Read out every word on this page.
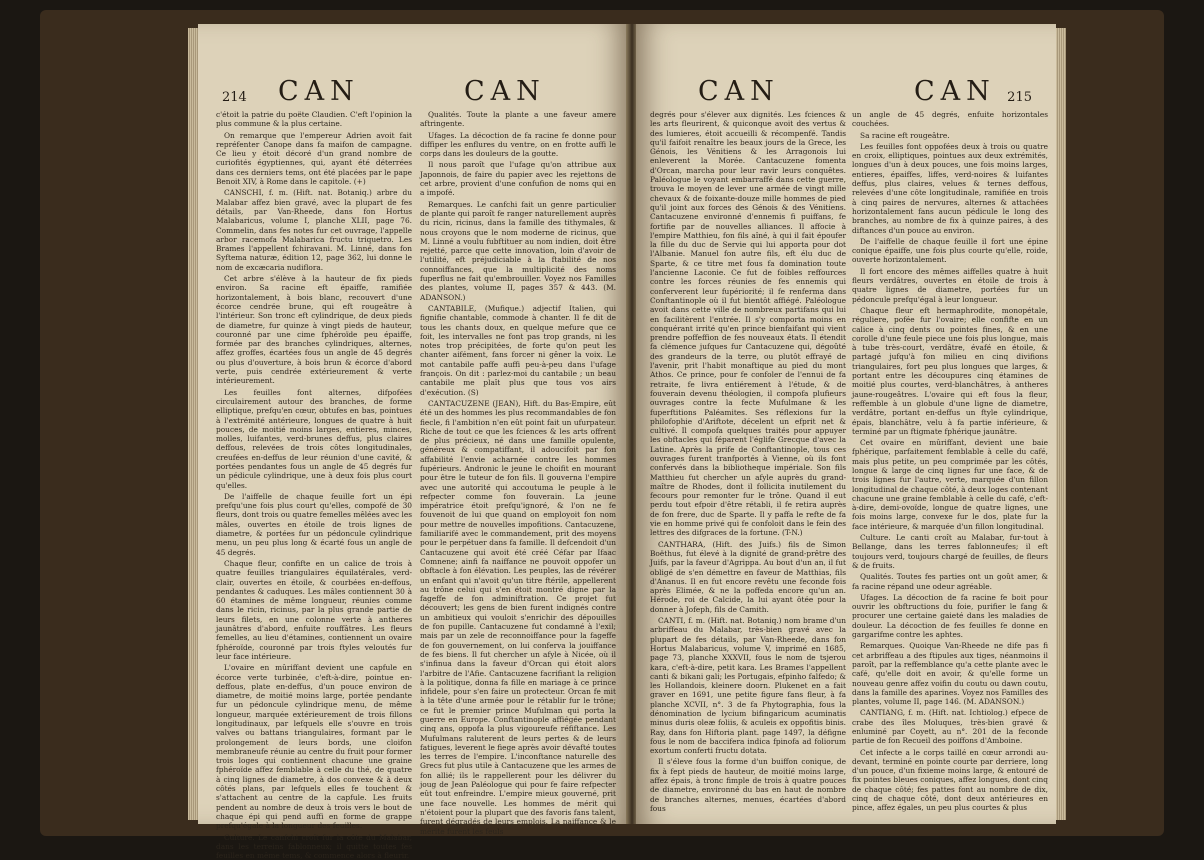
214 CAN	CAN

c'étoit la patrie du poëte Claudien. C'eft l'opinion la plus commune & la plus certaine.

On remarque que l'empereur Adrien avoit fait repréfenter Canope dans fa maifon de campagne. Ce lieu y étoit décoré d'un grand nombre de curiofités égyptiennes, qui, ayant été déterrées dans ces derniers tems, ont été placées par le pape Benoit XIV, à Rome dans le capitole. (+)

CANSCHI, f. m. (Hift. nat. Botaniq.) arbre du Malabar affez bien gravé, avec la plupart de fes détails, par Van-Rheede, dans fon Hortus Malabaricus, volume I, planche XLII, page 76. Commelin, dans fes notes fur cet ouvrage, l'appelle arbor racemofa Malabarica fructu triquetro. Les Brames l'appellent fchiravani. M. Linné, dans fon Syftema naturæ, édition 12, page 362, lui donne le nom de excæcaria nudiflora.

Cet arbre s'élève à la hauteur de fix pieds environ. Sa racine eft épaiffe, ramifiée horizontalement, à bois blanc, recouvert d'une écorce cendrée brune, qui eft rougeâtre à l'intérieur. Son tronc eft cylindrique, de deux pieds de diametre, fur quinze à vingt pieds de hauteur, couronné par une cime fphéroïde peu épaiffe, formée par des branches cylindriques, alternes, affez groffes, écartées fous un angle de 45 degrés ou plus d'ouverture, à bois brun & écorce d'abord verte, puis cendrée extérieurement & verte intérieurement.

Les feuilles font alternes, difpofées circulairement autour des branches, de forme elliptique, prefqu'en cœur, obtufes en bas, pointues à l'extrémité antérieure, longues de quatre à huit pouces, de moitié moins larges, entieres, minces, molles, luifantes, verd-brunes deffus, plus claires deffous, relevées de trois côtes longitudinales, creufées en-deffus de leur réunion d'une cavité, & portées pendantes fous un angle de 45 degrés fur un pédicule cylindrique, une à deux fois plus court qu'elles.

De l'aiffelle de chaque feuille fort un épi prefqu'une fois plus court qu'elles, compofé de 30 fleurs, dont trois ou quatre femelles mêlées avec les mâles, ouvertes en étoile de trois lignes de diametre, & portées fur un pédoncule cylindrique menu, un peu plus long & écarté fous un angle de 45 degrés.

Chaque fleur, confifte en un calice de trois à quatre feuilles triangulaires équilatérales, verd-clair, ouvertes en étoile, & courbées en-deffous, pendantes & caduques. Les mâles contiennent 30 à 60 étamines de même longueur, réunies comme dans le ricin, ricinus, par la plus grande partie de leurs filets, en une colonne verte à antheres jaunâtres d'abord, enfuite rouffâtres. Les fleurs femelles, au lieu d'étamines, contiennent un ovaire fphéroïde, couronné par trois ftyles veloutés fur leur face intérieure.

L'ovaire en mûriffant devient une capfule en écorce verte turbinée, c'eft-à-dire, pointue en-deffous, plate en-deffus, d'un pouce environ de diametre, de moitié moins large, portée pendante fur un pédoncule cylindrique menu, de même longueur, marquée extérieurement de trois fillons longitudinaux, par lefquels elle s'ouvre en trois valves ou battans triangulaires, formant par le prolongement de leurs bords, une cloifon membraneufe réunie au centre du fruit pour former trois loges qui contiennent chacune une graine fphéroïde affez femblable à celle du thé, de quatre à cinq lignes de diametre, à dos convexe & à deux côtés plans, par lefquels elles fe touchent & s'attachent au centre de la capfule. Les fruits pendent au nombre de deux à trois vers le bout de chaque épi qui pend auffi en forme de grappe prefqu'égale à la longueur des feuilles.

Culture. Le canfchi croît fur la côte du Malabar, dans les terreins fablonneux; il quitte toutes fes feuilles en même tems, & commence alors à fleurir.

Qualités. Toute la plante a une faveur amere aftringente.

Ufages. La décoction de fa racine fe donne pour diffiper les enflures du ventre, on en frotte auffi le corps dans les douleurs de la goutte.

Il nous paroît que l'ufage qu'on attribue aux Japonnois, de faire du papier avec les rejettons de cet arbre, provient d'une confufion de noms qui en a impofé.

Remarques. Le canfchi fait un genre particulier de plante qui paroît fe ranger naturellement auprès du ricin, ricinus, dans la famille des tithymales, & nous croyons que le nom moderne de ricinus, que M. Linné a voulu fubftituer au nom indien, doit être rejetté, parce que cette innovation, loin d'avoir de l'utilité, eft préjudiciable à la ftabilité de nos connoiffances, que la multiplicité des noms fuperflus ne fait qu'embrouiller. Voyez nos Familles des plantes, volume II, pages 357 & 443. (M. ADANSON.)

CANTABILE, (Mufique.) adjectif Italien, qui fignifie chantable, commode à chanter. Il fe dit de tous les chants doux, en quelque mefure que ce foit, les intervalles ne font pas trop grands, ni les notes trop précipitées, de forte qu'on peut les chanter aifément, fans forcer ni gêner la voix. Le mot cantabile paffe auffi peu-à-peu dans l'ufage françois. On dit : parlez-moi du cantabile ; un beau cantabile me plaît plus que tous vos airs d'exécution. (S)

CANTACUZENE (JEAN), Hift. du Bas-Empire, eût été un des hommes les plus recommandables de fon fiecle, fi l'ambition n'en eût point fait un ufurpateur. Riche de tout ce que les fciences & les arts offrent de plus précieux, né dans une famille opulente, généreux & compatiffant, il adoucifoit par fon affabilité l'envie acharnée contre les hommes fupérieurs. Andronic le jeune le choifit en mourant pour être le tuteur de fon fils. Il gouverna l'empire avec une autorité qui accoutuma le peuple à le refpecter comme fon fouverain. La jeune impératrice étoit prefqu'ignoré, & l'on ne fe fouvenoit de lui que quand on employoit fon nom pour mettre de nouvelles impofitions. Cantacuzene, familiarifé avec le commandement, prit des moyens pour le perpétuer dans fa famille. Il defcendoit d'un Cantacuzene qui avoit été créé Céfar par Ifaac Comnene; ainfi fa naiffance ne pouvoit oppofer un obftacle à fon élévation. Les peuples, las de révérer un enfant qui n'avoit qu'un titre ftérile, appellerent au trône celui qui s'en étoit montré digne par la fageffe de fon adminiftration. Ce projet fut découvert; les gens de bien furent indignés contre un ambitieux qui vouloit s'enrichir des dépouilles de fon pupille. Cantacuzene fut condamné à l'exil; mais par un zele de reconnoiffance pour la fageffe de fon gouvernement, on lui conferva la jouiffance de fes biens. Il fut chercher un afyle à Nicée, où il s'infinua dans la faveur d'Orcan qui étoit alors l'arbitre de l'Afie. Cantacuzene facrifiant la religion à la politique, donna fa fille en mariage à ce prince infidele, pour s'en faire un protecteur. Orcan fe mit à la tête d'une armée pour le rétablir fur le trône; ce fut le premier prince Mufulman qui porta la guerre en Europe. Conftantinople affiégée pendant cinq ans, oppofa la plus vigoureufe réfiftance. Les Mufulmans raluterent de leurs pertes & de leurs fatigues, leverent le fiege après avoir dévafté toutes les terres de l'empire. L'inconftance naturelle des Grecs fut plus utile à Cantacuzene que les armes de fon allié; ils le rappellerent pour les délivrer du joug de Jean Paléologue qui pour fe faire refpecter eût tout enfreindre. L'empire mieux gouverné, prit une face nouvelle. Les hommes de mérit qui n'étoient pour la plupart que des favoris fans talent, furent dégradés de leurs emplois. La naiffance & le mérite furent les feuls

CAN	CAN 215

degrés pour s'élever aux dignités. Les fciences & les arts fleurirent, & quiconque avoit des vertus & des lumieres, étoit accueilli & récompenfé. Tandis qu'il faifoit renaître les beaux jours de la Grece, les Génois, les Vénitiens & les Arragonois lui enleverent la Morée. Cantacuzene fomenta d'Orcan, marcha pour leur ravir leurs conquêtes. Paléologue le voyant embarraffé dans cette guerre, trouva le moyen de lever une armée de vingt mille chevaux & de foixante-douze mille hommes de pied qu'il joint aux forces des Génois & des Vénitiens. Cantacuzene environné d'ennemis fi puiffans, fe fortifie par de nouvelles alliances. Il affocie à l'empire Matthieu, fon fils aîné, à qui il fait époufer la fille du duc de Servie qui lui apporta pour dot l'Albanie. Manuel fon autre fils, eft élu duc de Sparte, & ce titre met fous fa domination toute l'ancienne Laconie. Ce fut de foibles reffources contre les forces réunies de fes ennemis qui conferverent leur fupériorité; il fe renferma dans Conftantinople où il fut bientôt affiégé. Paléologue avoit dans cette ville de nombreux partifans qui lui en facilitèrent l'entrée. Il s'y comporta moins en conquérant irrité qu'en prince bienfaifant qui vient prendre poffeffion de fes nouveaux états. Il étendit fa clémence jufques fur Cantacuzene qui, dégoûté des grandeurs de la terre, ou plutôt effrayé de l'avenir, prit l'habit monaftique au pied du mont Athos. Ce prince, pour fe confoler de l'ennui de fa retraite, fe livra entiérement à l'étude, & de fouverain devenu théologien, il compofa plufieurs ouvrages contre la fecte Mufulmane & les fuperftitions Paléamites. Ses réflexions fur la philofophie d'Ariftote, décelent un efprit net & cultivé. Il compofa quelques traités pour appuyer les obftacles qui féparent l'églife Grecque d'avec la Latine. Après la prife de Conftantinople, tous ces ouvrages furent tranfportés à Vienne, où ils font confervés dans la bibliotheque impériale. Son fils Matthieu fut chercher un afyle auprès du grand-maître de Rhodes, dont il follicita inutilement du fecours pour remonter fur le trône. Quand il eut perdu tout efpoir d'être rétabli, il fe retira auprès de fon frere, duc de Sparte. Il y paffa le refte de fa vie en homme privé qui fe confoloit dans le fein des lettres des difgraces de la fortune. (T-N.)

CANTHARA, (Hift. des Juifs.) fils de Simon Boëthus, fut élevé à la dignité de grand-prêtre des Juifs, par la faveur d'Agrippa. Au bout d'un an, il fut obligé de s'en démettre en faveur de Matthias, fils d'Ananus. Il en fut encore revêtu une feconde fois après Elimée, & ne la poffeda encore qu'un an. Hérode, roi de Calcide, la lui ayant ôtée pour la donner à Jofeph, fils de Camith.

CANTI, f. m. (Hift. nat. Botaniq.) nom brame d'un arbriffeau du Malabar, très-bien gravé avec la plupart de fes détails, par Van-Rheede, dans fon Hortus Malabaricus, volume V, imprimé en 1685, page 73, planche XXXVII, fous le nom de tsjerou kara, c'eft-à-dire, petit kara. Les Brames l'appellent canti & bikani gali; les Portugais, efpinho falfedo; & les Hollandois, kleinere doorn. Plukenet en a fait graver en 1691, une petite figure fans fleur, à fa planche XCVII, n°. 3 de fa Phytographia, fous la dénomination de lycium bifingaricum acuminatis minus duris oleæ foliis, & aculeis ex oppofitis binis. Ray, dans fon Hiftoria plant. page 1497, la défigne fous le nom de baccifera indica fpinofa ad foliorum exortum conferti fructu dotata.

Il s'éleve fous la forme d'un buiffon conique, de fix à fept pieds de hauteur, de moitié moins large, affez épais, à tronc fimple de trois à quatre pouces de diametre, environné du bas en haut de nombre de branches alternes, menues, écartées d'abord fous

un angle de 45 degrés, enfuite horizontales couchées.

Sa racine eft rougeâtre.

Les feuilles font oppofées deux à trois ou quatre en croix, elliptiques, pointues aux deux extrémités, longues d'un à deux pouces, une fois moins larges, entieres, épaiffes, liffes, verd-noires & luifantes deffus, plus claires, velues & ternes deffous, relevées d'une côte longitudinale, ramifiée en trois à cinq paires de nervures, alternes & attachées horizontalement fans aucun pédicule le long des branches, au nombre de fix à quinze paires, à des diftances d'un pouce au environ.

De l'aiffelle de chaque feuille il fort une épine conique épaiffe, une fois plus courte qu'elle, roide, ouverte horizontalement.

Il fort encore des mêmes aiffelles quatre à huit fleurs verdâtres, ouvertes en étoile de trois à quatre lignes de diametre, portées fur un pédoncule prefqu'égal à leur longueur.

Chaque fleur eft hermaphrodite, monopétale, réguliere, pofée fur l'ovaire; elle confifte en un calice à cinq dents ou pointes fines, & en une corolle d'une feule piece une fois plus longue, mais à tube très-court, verdâtre, évafé en étoile, & partagé jufqu'à fon milieu en cinq divifions triangulaires, fort peu plus longues que larges, & portant entre les découpures cinq étamines de moitié plus courtes, verd-blanchâtres, à antheres jaune-rougeâtres. L'ovaire qui eft fous la fleur, reffemble à un globule d'une ligne de diametre, verdâtre, portant en-deffus un ftyle cylindrique, épais, blanchâtre, velu à fa partie inférieure, & terminé par un ftigmate fphérique jaunâtre.

Cet ovaire en mûriffant, devient une baie fphérique, parfaitement femblable à celle du café, mais plus petite, un peu comprimée par les côtés, longue & large de cinq lignes fur une face, & de trois lignes fur l'autre, verte, marquée d'un fillon longitudinal de chaque côté, à deux loges contenant chacune une graine femblable à celle du café, c'eft-à-dire, demi-ovoïde, longue de quatre lignes, une fois moins large, convexe fur le dos, plate fur la face intérieure, & marquée d'un fillon longitudinal.

Culture. Le canti croît au Malabar, fur-tout à Bellange, dans les terres fablonneufes; il eft toujours verd, toujours chargé de feuilles, de fleurs & de fruits.

Qualités. Toutes fes parties ont un goût amer, & fa racine répand une odeur agréable.

Ufages. La décoction de fa racine fe boit pour ouvrir les obftructions du foie, purifier le fang & procurer une certaine gaieté dans les maladies de douleur. La décoction de fes feuilles fe donne en gargarifme contre les aphtes.

Remarques. Quoique Van-Rheede ne dife pas fi cet arbriffeau a des ftipules aux tiges, néanmoins il paroît, par la reffemblance qu'a cette plante avec le café, qu'elle doit en avoir, & qu'elle forme un nouveau genre affez voifin du coutu ou dawn coutu, dans la famille des aparines. Voyez nos Familles des plantes, volume II, page 146. (M. ADANSON.)

CANTIANG, f. m. (Hift. nat. Ichtiolog.) efpece de crabe des îles Moluques, très-bien gravé & enluminé par Coyett, au n°. 201 de la feconde partie de fon Recueil des poiffons d'Amboine.

Cet infecte a le corps taillé en cœur arrondi au-devant, terminé en pointe courte par derriere, long d'un pouce, d'un fixieme moins large, & entouré de fix pointes bleues coniques, affez longues, dont cinq de chaque côté; fes pattes font au nombre de dix, cinq de chaque côté, dont deux antérieures en pince, affez égales, un peu plus courtes & plus
